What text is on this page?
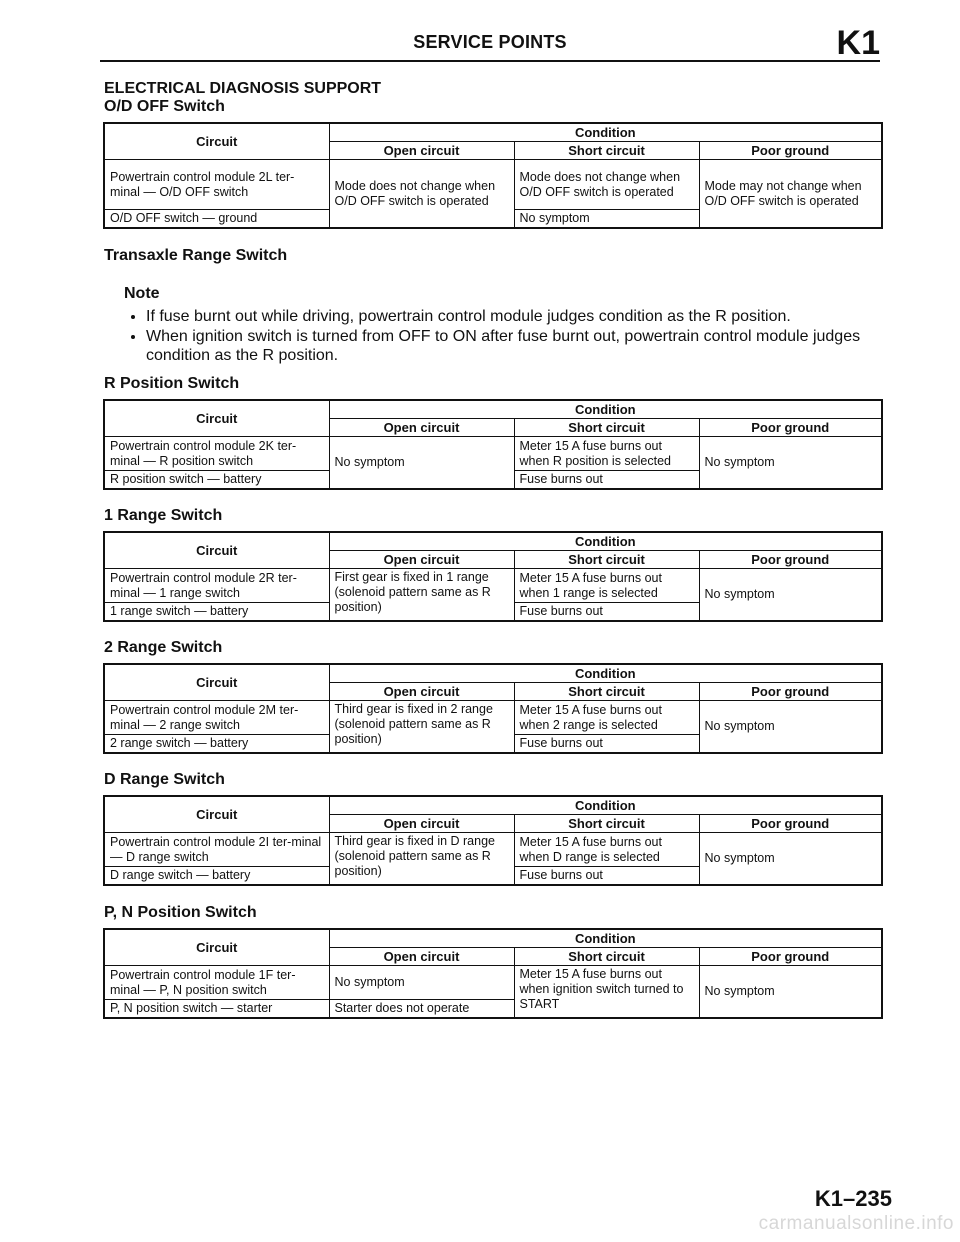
SERVICE POINTS	K1
ELECTRICAL DIAGNOSIS SUPPORT
O/D OFF Switch
Circuit	Condition		
	Open circuit	Short circuit	Poor ground
Powertrain control module 2L ter-minal — O/D OFF switch	Mode does not change when O/D OFF switch is operated	Mode does not change when O/D OFF switch is operated	Mode may not change when O/D OFF switch is operated
O/D OFF switch — ground		No symptom	
Transaxle Range Switch
Note
• If fuse burnt out while driving, powertrain control module judges condition as the R position.
• When ignition switch is turned from OFF to ON after fuse burnt out, powertrain control module judges condition as the R position.
R Position Switch
Circuit	Condition		
	Open circuit	Short circuit	Poor ground
Powertrain control module 2K ter-minal — R position switch	No symptom	Meter 15 A fuse burns out when R position is selected	No symptom
R position switch — battery		Fuse burns out	
1 Range Switch
Circuit	Condition		
	Open circuit	Short circuit	Poor ground
Powertrain control module 2R ter-minal — 1 range switch	First gear is fixed in 1 range (solenoid pattern same as R position)	Meter 15 A fuse burns out when 1 range is selected	No symptom
1 range switch — battery		Fuse burns out	
2 Range Switch
Circuit	Condition		
	Open circuit	Short circuit	Poor ground
Powertrain control module 2M ter-minal — 2 range switch	Third gear is fixed in 2 range (solenoid pattern same as R position)	Meter 15 A fuse burns out when 2 range is selected	No symptom
2 range switch — battery		Fuse burns out	
D Range Switch
Circuit	Condition		
	Open circuit	Short circuit	Poor ground
Powertrain control module 2I ter-minal — D range switch	Third gear is fixed in D range (solenoid pattern same as R position)	Meter 15 A fuse burns out when D range is selected	No symptom
D range switch — battery		Fuse burns out	
P, N Position Switch
Circuit	Condition		
	Open circuit	Short circuit	Poor ground
Powertrain control module 1F ter-minal — P, N position switch	No symptom	Meter 15 A fuse burns out when ignition switch turned to START	No symptom
P, N position switch — starter	Starter does not operate		
K1–235
carmanualsonline.info
